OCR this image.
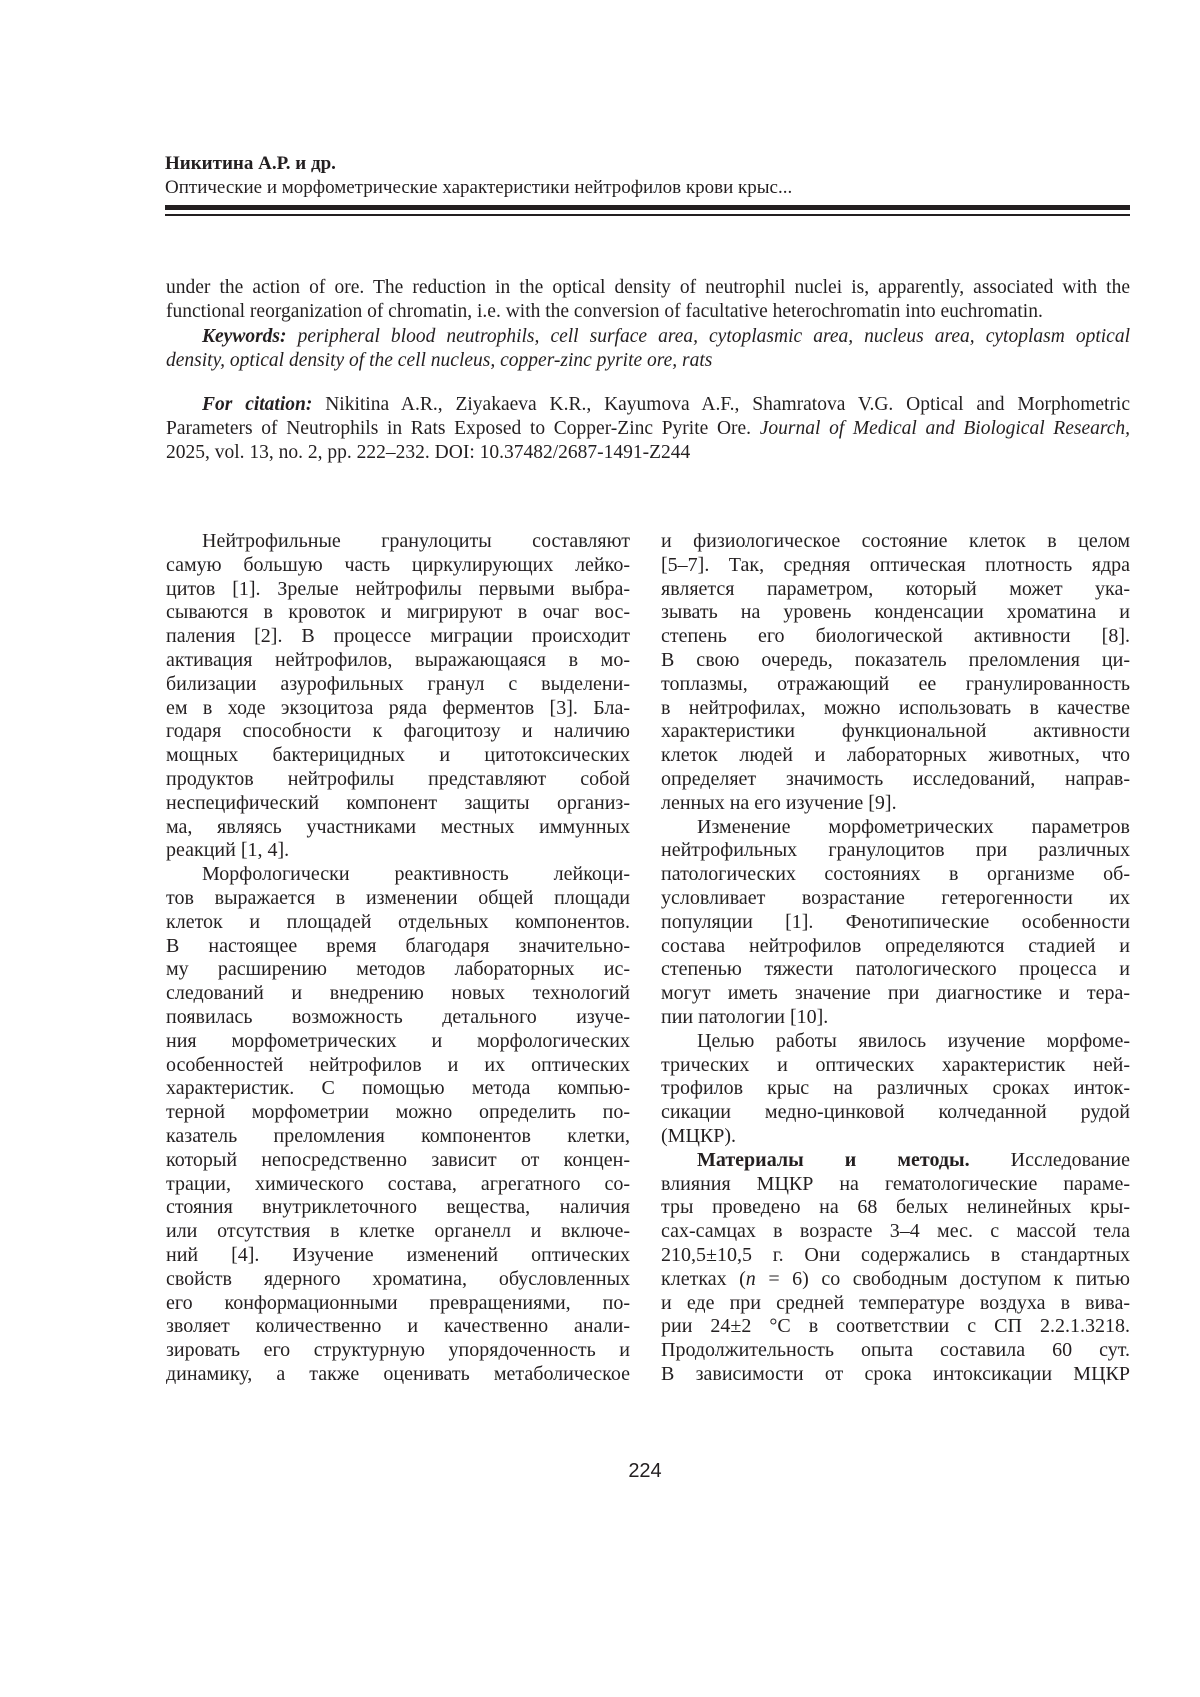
Никитина А.Р. и др.
Оптические и морфометрические характеристики нейтрофилов крови крыс...
under the action of ore. The reduction in the optical density of neutrophil nuclei is, apparently, associated with the
functional reorganization of chromatin, i.e. with the conversion of facultative heterochromatin into euchromatin.
Keywords: peripheral blood neutrophils, cell surface area, cytoplasmic area, nucleus area, cytoplasm optical
density, optical density of the cell nucleus, copper-zinc pyrite ore, rats
For citation: Nikitina A.R., Ziyakaeva K.R., Kayumova A.F., Shamratova V.G. Optical and Morphometric
Parameters of Neutrophils in Rats Exposed to Copper-Zinc Pyrite Ore. Journal of Medical and Biological Research,
2025, vol. 13, no. 2, pp. 222–232. DOI: 10.37482/2687-1491-Z244
Нейтрофильные гранулоциты составляют
самую большую часть циркулирующих лейко-
цитов [1]. Зрелые нейтрофилы первыми выбра-
сываются в кровоток и мигрируют в очаг вос-
паления [2]. В процессе миграции происходит
активация нейтрофилов, выражающаяся в мо-
билизации азурофильных гранул с выделени-
ем в ходе экзоцитоза ряда ферментов [3]. Бла-
годаря способности к фагоцитозу и наличию
мощных бактерицидных и цитотоксических
продуктов нейтрофилы представляют собой
неспецифический компонент защиты организ-
ма, являясь участниками местных иммунных
реакций [1, 4].
Морфологически реактивность лейкоци-
тов выражается в изменении общей площади
клеток и площадей отдельных компонентов.
В настоящее время благодаря значительно-
му расширению методов лабораторных ис-
следований и внедрению новых технологий
появилась возможность детального изуче-
ния морфометрических и морфологических
особенностей нейтрофилов и их оптических
характеристик. С помощью метода компью-
терной морфометрии можно определить по-
казатель преломления компонентов клетки,
который непосредственно зависит от концен-
трации, химического состава, агрегатного со-
стояния внутриклеточного вещества, наличия
или отсутствия в клетке органелл и включе-
ний [4]. Изучение изменений оптических
свойств ядерного хроматина, обусловленных
его конформационными превращениями, по-
зволяет количественно и качественно анали-
зировать его структурную упорядоченность и
динамику, а также оценивать метаболическое
и физиологическое состояние клеток в целом
[5–7]. Так, средняя оптическая плотность ядра
является параметром, который может ука-
зывать на уровень конденсации хроматина и
степень его биологической активности [8].
В свою очередь, показатель преломления ци-
топлазмы, отражающий ее гранулированность
в нейтрофилах, можно использовать в качестве
характеристики функциональной активности
клеток людей и лабораторных животных, что
определяет значимость исследований, направ-
ленных на его изучение [9].
Изменение морфометрических параметров
нейтрофильных гранулоцитов при различных
патологических состояниях в организме об-
условливает возрастание гетерогенности их
популяции [1]. Фенотипические особенности
состава нейтрофилов определяются стадией и
степенью тяжести патологического процесса и
могут иметь значение при диагностике и тера-
пии патологии [10].
Целью работы явилось изучение морфоме-
трических и оптических характеристик ней-
трофилов крыс на различных сроках инток-
сикации медно-цинковой колчеданной рудой
(МЦКР).
Материалы и методы. Исследование
влияния МЦКР на гематологические параме-
тры проведено на 68 белых нелинейных кры-
сах-самцах в возрасте 3–4 мес. с массой тела
210,5±10,5 г. Они содержались в стандартных
клетках (n = 6) со свободным доступом к питью
и еде при средней температуре воздуха в вива-
рии 24±2 °С в соответствии с СП 2.2.1.3218.
Продолжительность опыта составила 60 сут.
В зависимости от срока интоксикации МЦКР
224
